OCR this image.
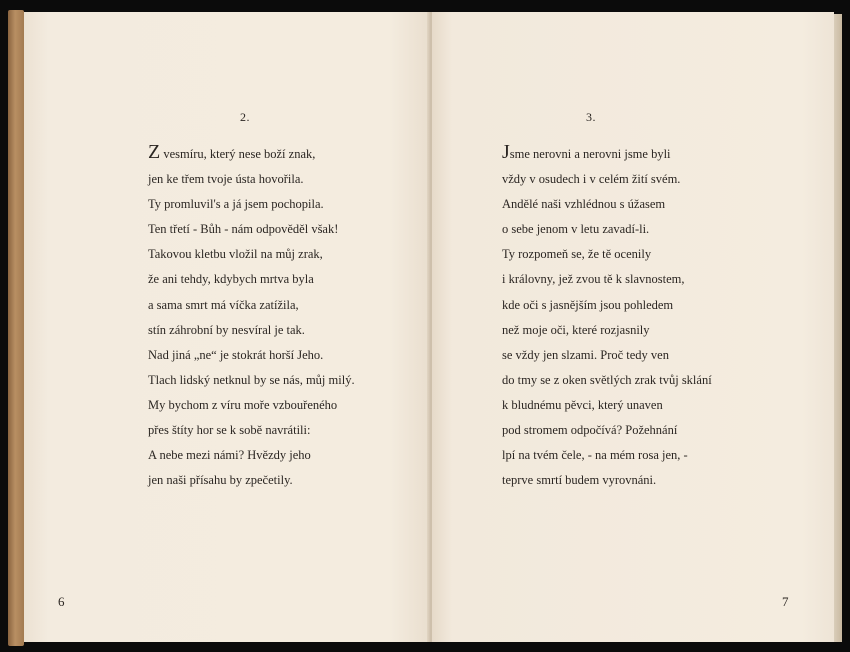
2.
Z vesmíru, který nese boží znak,
jen ke třem tvoje ústa hovořila.
Ty promluvil's a já jsem pochopila.
Ten třetí - Bůh - nám odpověděl však!
Takovou kletbu vložil na můj zrak,
že ani tehdy, kdybych mrtva byla
a sama smrt má víčka zatížila,
stín záhrobní by nesvíral je tak.
Nad jiná „ne“ je stokrát horší Jeho.
Tlach lidský netknul by se nás, můj milý.
My bychom z víru moře vzbouřeného
přes štíty hor se k sobě navrátili:
A nebe mezi námi? Hvězdy jeho
jen naši přísahu by zpečetily.
6
3.
Jsme nerovni a nerovni jsme byli
vždy v osudech i v celém žití svém.
Andělé naši vzhlédnou s úžasem
o sebe jenom v letu zavadí-li.
Ty rozpomeň se, že tě ocenily
i královny, jež zvou tě k slavnostem,
kde oči s jasnějším jsou pohledem
než moje oči, které rozjasnily
se vždy jen slzami. Proč tedy ven
do tmy se z oken světlých zrak tvůj sklání
k bludnému pěvci, který unaven
pod stromem odpočívá? Požehnání
lpí na tvém čele, - na mém rosa jen, -
teprve smrtí budem vyrovnáni.
7
